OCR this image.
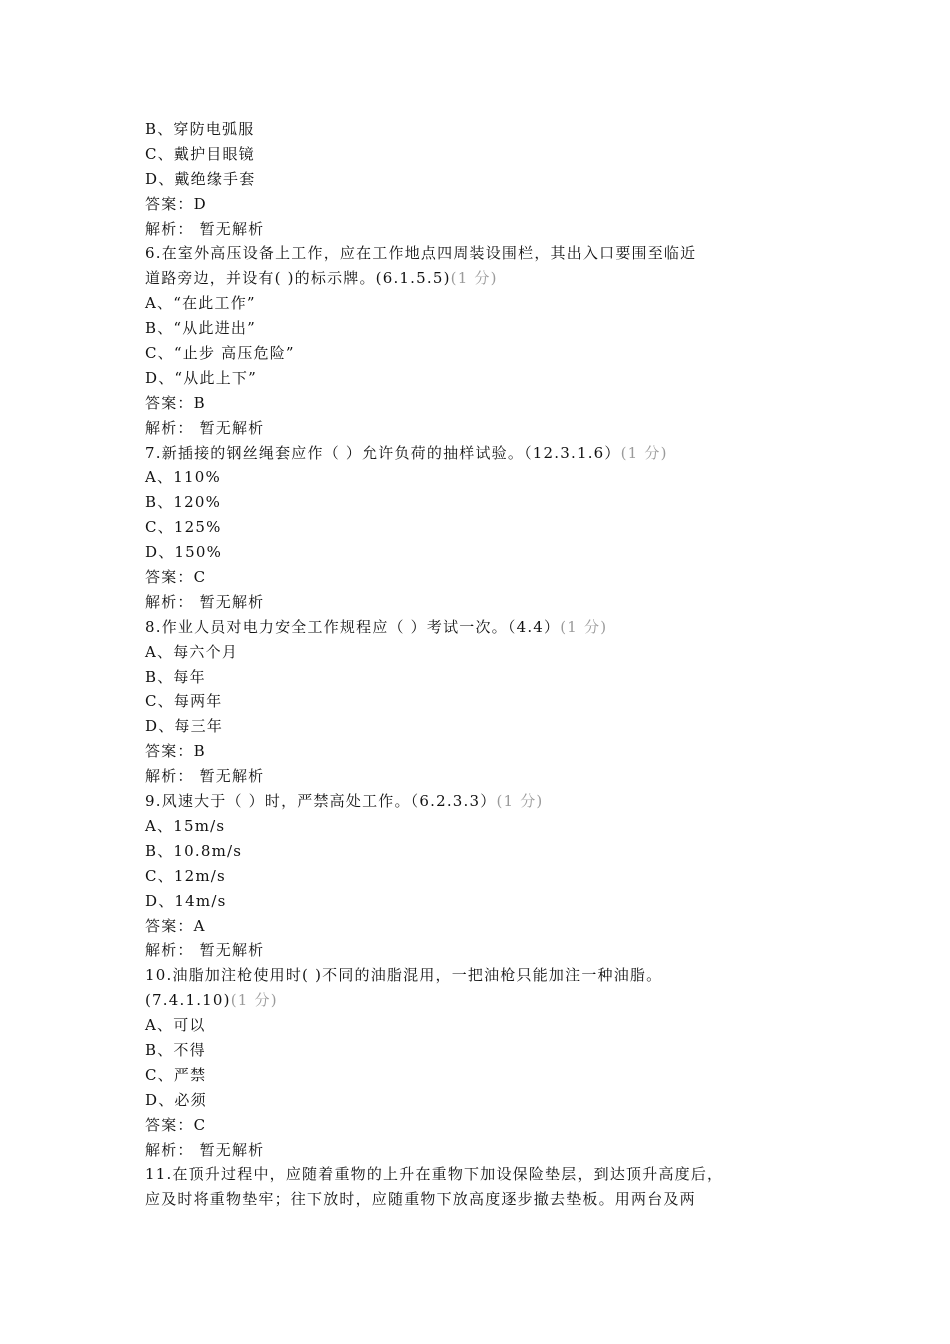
B、穿防电弧服
C、戴护目眼镜
D、戴绝缘手套
答案：D
解析： 暂无解析
6.在室外高压设备上工作，应在工作地点四周装设围栏，其出入口要围至临近
道路旁边，并设有( )的标示牌。(6.1.5.5)(1 分)
A、“在此工作”
B、“从此进出”
C、“止步 高压危险”
D、“从此上下”
答案：B
解析： 暂无解析
7.新插接的钢丝绳套应作（ ）允许负荷的抽样试验。（12.3.1.6）(1 分)
A、110%
B、120%
C、125%
D、150%
答案：C
解析： 暂无解析
8.作业人员对电力安全工作规程应（ ）考试一次。（4.4）(1 分)
A、每六个月
B、每年
C、每两年
D、每三年
答案：B
解析： 暂无解析
9.风速大于（ ）时，严禁高处工作。（6.2.3.3）(1 分)
A、15m/s
B、10.8m/s
C、12m/s
D、14m/s
答案：A
解析： 暂无解析
10.油脂加注枪使用时( )不同的油脂混用，一把油枪只能加注一种油脂。
(7.4.1.10)(1 分)
A、可以
B、不得
C、严禁
D、必须
答案：C
解析： 暂无解析
11.在顶升过程中，应随着重物的上升在重物下加设保险垫层，到达顶升高度后，
应及时将重物垫牢；往下放时，应随重物下放高度逐步撤去垫板。用两台及两
